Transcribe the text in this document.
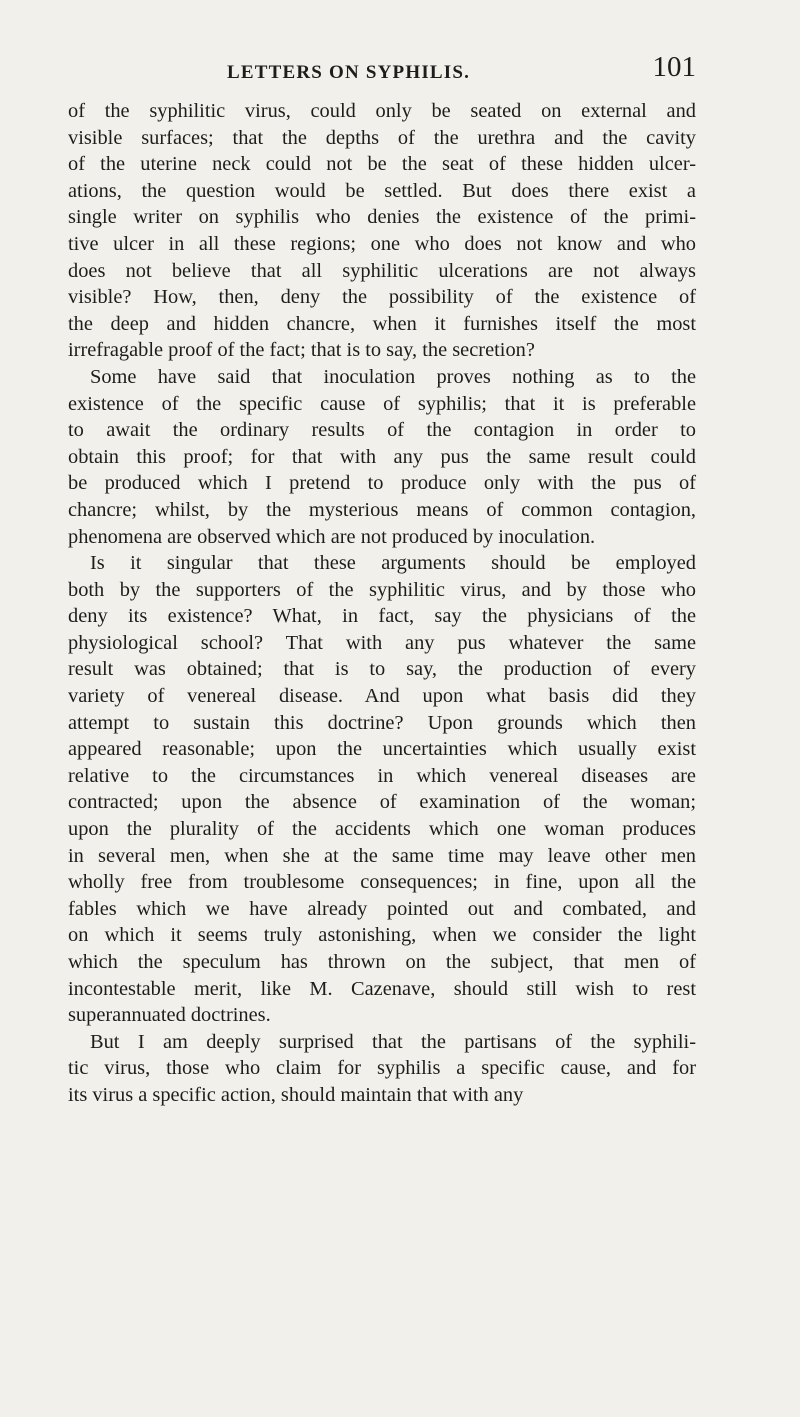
LETTERS ON SYPHILIS.	101

of the syphilitic virus, could only be seated on external and
visible surfaces; that the depths of the urethra and the cavity
of the uterine neck could not be the seat of these hidden ulcer-
ations, the question would be settled. But does there exist a
single writer on syphilis who denies the existence of the primi-
tive ulcer in all these regions; one who does not know and who
does not believe that all syphilitic ulcerations are not always
visible? How, then, deny the possibility of the existence of
the deep and hidden chancre, when it furnishes itself the most
irrefragable proof of the fact; that is to say, the secretion?

Some have said that inoculation proves nothing as to the
existence of the specific cause of syphilis; that it is preferable
to await the ordinary results of the contagion in order to
obtain this proof; for that with any pus the same result could
be produced which I pretend to produce only with the pus of
chancre; whilst, by the mysterious means of common contagion,
phenomena are observed which are not produced by inoculation.

Is it singular that these arguments should be employed
both by the supporters of the syphilitic virus, and by those who
deny its existence? What, in fact, say the physicians of the
physiological school? That with any pus whatever the same
result was obtained; that is to say, the production of every
variety of venereal disease. And upon what basis did they
attempt to sustain this doctrine? Upon grounds which then
appeared reasonable; upon the uncertainties which usually exist
relative to the circumstances in which venereal diseases are
contracted; upon the absence of examination of the woman;
upon the plurality of the accidents which one woman produces
in several men, when she at the same time may leave other men
wholly free from troublesome consequences; in fine, upon all the
fables which we have already pointed out and combated, and
on which it seems truly astonishing, when we consider the light
which the speculum has thrown on the subject, that men of
incontestable merit, like M. Cazenave, should still wish to rest
superannuated doctrines.

But I am deeply surprised that the partisans of the syphili-
tic virus, those who claim for syphilis a specific cause, and for
its virus a specific action, should maintain that with any
